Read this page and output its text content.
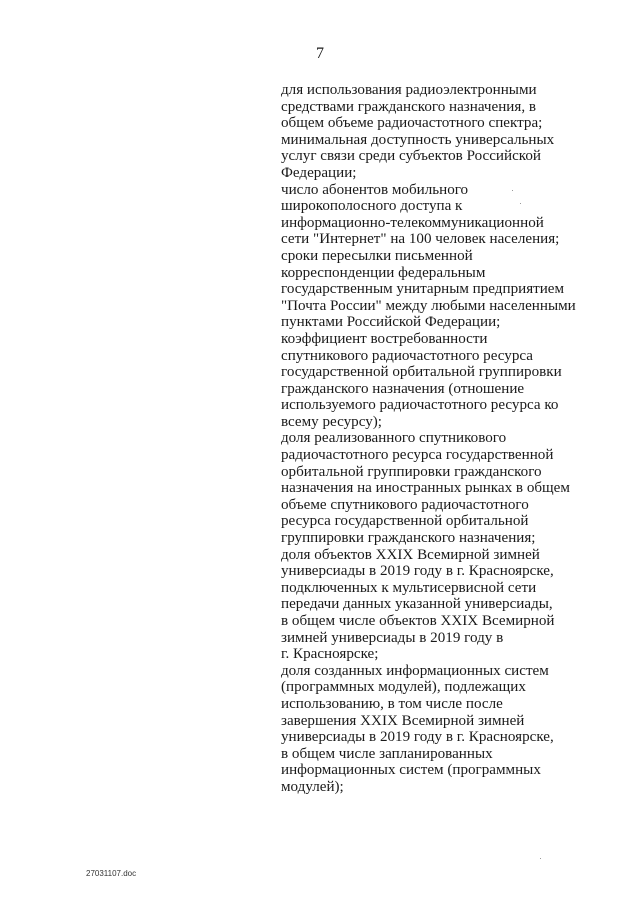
7
для использования радиоэлектронными
средствами гражданского назначения, в
общем объеме радиочастотного спектра;
минимальная доступность универсальных
услуг связи среди субъектов Российской
Федерации;
число абонентов мобильного
широкополосного доступа к
информационно-телекоммуникационной
сети "Интернет" на 100 человек населения;
сроки пересылки письменной
корреспонденции федеральным
государственным унитарным предприятием
"Почта России" между любыми населенными
пунктами Российской Федерации;
коэффициент востребованности
спутникового радиочастотного ресурса
государственной орбитальной группировки
гражданского назначения (отношение
используемого радиочастотного ресурса ко
всему ресурсу);
доля реализованного спутникового
радиочастотного ресурса государственной
орбитальной группировки гражданского
назначения на иностранных рынках в общем
объеме спутникового радиочастотного
ресурса государственной орбитальной
группировки гражданского назначения;
доля объектов XXIX Всемирной зимней
универсиады в 2019 году в г. Красноярске,
подключенных к мультисервисной сети
передачи данных указанной универсиады,
в общем числе объектов XXIX Всемирной
зимней универсиады в 2019 году в
г. Красноярске;
доля созданных информационных систем
(программных модулей), подлежащих
использованию, в том числе после
завершения XXIX Всемирной зимней
универсиады в 2019 году в г. Красноярске,
в общем числе запланированных
информационных систем (программных
модулей);
27031107.doc
